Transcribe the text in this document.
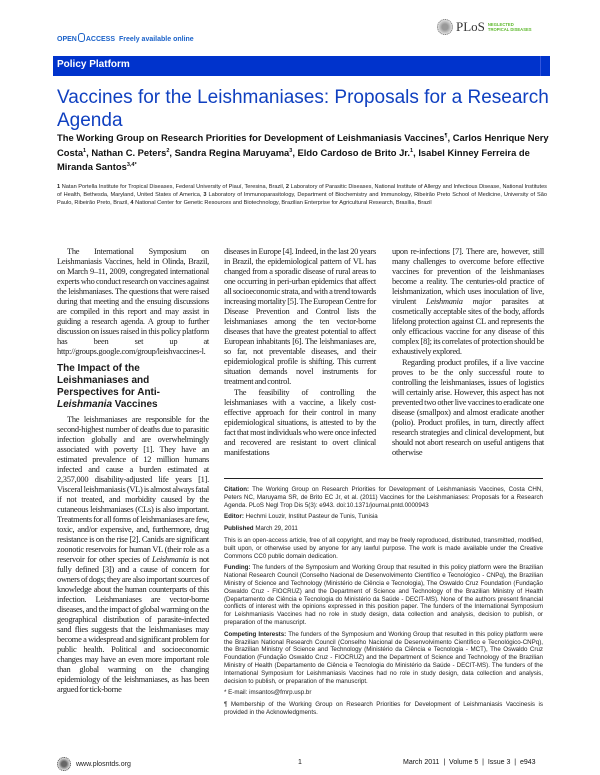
OPEN ACCESS Freely available online
PLoS NEGLECTED
TROPICAL DISEASES
Policy Platform
Vaccines for the Leishmaniases: Proposals for a Research Agenda
The Working Group on Research Priorities for Development of Leishmaniasis Vaccines¶, Carlos Henrique Nery Costa$^1$, Nathan C. Peters$^2$, Sandra Regina Maruyama$^3$, Eldo Cardoso de Brito Jr.$^1$, Isabel Kinney Ferreira de Miranda Santos$^{3,4*}$
1 Natan Portella Institute for Tropical Diseases, Federal University of Piauí, Teresina, Brazil, 2 Laboratory of Parasitic Diseases, National Institute of Allergy and Infectious Disease, National Institutes of Health, Bethesda, Maryland, United States of America, 3 Laboratory of Immunoparasitology, Department of Biochemistry and Immunology, Ribeirão Preto School of Medicine, University of São Paulo, Ribeirão Preto, Brazil, 4 National Center for Genetic Resources and Biotechnology, Brazilian Enterprise for Agricultural Research, Brasília, Brazil

The International Symposium on Leishmaniasis Vaccines, held in Olinda, Brazil, on March 9–11, 2009, congregated international experts who conduct research on vaccines against the leishmaniases. The questions that were raised during that meeting and the ensuing discussions are compiled in this report and may assist in guiding a research agenda. A group to further discussion on issues raised in this policy platform has been set up at http://groups.google.com/group/leishvaccines-l.

The Impact of the Leishmaniases and Perspectives for Anti-Leishmania Vaccines

The leishmaniases are responsible for the second-highest number of deaths due to parasitic infection globally and are overwhelmingly associated with poverty [1]. They have an estimated prevalence of 12 million humans infected and cause a burden estimated at 2,357,000 disability-adjusted life years [1]. Visceral leishmaniasis (VL) is almost always fatal if not treated, and morbidity caused by the cutaneous leishmaniases (CLs) is also important. Treatments for all forms of leishmaniases are few, toxic, and/or expensive, and, furthermore, drug resistance is on the rise [2]. Canids are significant zoonotic reservoirs for human VL (their role as a reservoir for other species of Leishmania is not fully defined [3]) and a cause of concern for owners of dogs; they are also important sources of knowledge about the human counterparts of this infection. Leishmaniases are vector-borne diseases, and the impact of global warming on the geographical distribution of parasite-infected sand flies suggests that the leishmaniases may become a widespread and significant problem for public health. Political and socioeconomic changes may have an even more important role than global warming on the changing epidemiology of the leishmaniases, as has been argued for tick-borne

diseases in Europe [4]. Indeed, in the last 20 years in Brazil, the epidemiological pattern of VL has changed from a sporadic disease of rural areas to one occurring in peri-urban epidemics that affect all socioeconomic strata, and with a trend towards increasing mortality [5]. The European Centre for Disease Prevention and Control lists the leishmaniases among the ten vector-borne diseases that have the greatest potential to affect European inhabitants [6]. The leishmaniases are, so far, not preventable diseases, and their epidemiological profile is shifting. This current situation demands novel instruments for treatment and control.

The feasibility of controlling the leishmaniases with a vaccine, a likely cost-effective approach for their control in many epidemiological situations, is attested to by the fact that most individuals who were once infected and recovered are resistant to overt clinical manifestations

upon re-infections [7]. There are, however, still many challenges to overcome before effective vaccines for prevention of the leishmaniases become a reality. The centuries-old practice of leishmanization, which uses inoculation of live, virulent Leishmania major parasites at cosmetically acceptable sites of the body, affords lifelong protection against CL and represents the only efficacious vaccine for any disease of this complex [8]; its correlates of protection should be exhaustively explored.

Regarding product profiles, if a live vaccine proves to be the only successful route to controlling the leishmaniases, issues of logistics will certainly arise. However, this aspect has not prevented two other live vaccines to eradicate one disease (smallpox) and almost eradicate another (polio). Product profiles, in turn, directly affect research strategies and clinical development, but should not abort research on useful antigens that otherwise

Citation: The Working Group on Research Priorities for Development of Leishmaniasis Vaccines, Costa CHN, Peters NC, Maruyama SR, de Brito EC Jr, et al. (2011) Vaccines for the Leishmaniases: Proposals for a Research Agenda. PLoS Negl Trop Dis 5(3): e943. doi:10.1371/journal.pntd.0000943

Editor: Hechmi Louzir, Institut Pasteur de Tunis, Tunisia

Published March 29, 2011

This is an open-access article, free of all copyright, and may be freely reproduced, distributed, transmitted, modified, built upon, or otherwise used by anyone for any lawful purpose. The work is made available under the Creative Commons CC0 public domain dedication.

Funding: The funders of the Symposium and Working Group that resulted in this policy platform were the Brazilian National Research Council (Conselho Nacional de Desenvolvimento Científico e Tecnológico - CNPq), the Brazilian Ministry of Science and Technology (Ministério de Ciência e Tecnologia), The Oswaldo Cruz Foundation (Fundação Oswaldo Cruz - FIOCRUZ) and the Department of Science and Technology of the Brazilian Ministry of Health (Departamento de Ciência e Tecnologia do Ministério da Saúde - DECIT-MS). None of the authors present financial conflicts of interest with the opinions expressed in this position paper. The funders of the International Symposium for Leishmaniasis Vaccines had no role in study design, data collection and analysis, decision to publish, or preparation of the manuscript.

Competing Interests: The funders of the Symposium and Working Group that resulted in this policy platform were the Brazilian National Research Council (Conselho Nacional de Desenvolvimento Científico e Tecnológico-CNPq), the Brazilian Ministry of Science and Technology (Ministério da Ciência e Tecnologia - MCT), The Oswaldo Cruz Foundation (Fundação Oswaldo Cruz - FIOCRUZ) and the Department of Science and Technology of the Brazilian Ministry of Health (Departamento de Ciência e Tecnologia do Ministério da Saúde - DECIT-MS). The funders of the International Symposium for Leishmaniasis Vaccines had no role in study design, data collection and analysis, decision to publish, or preparation of the manuscript.

* E-mail: imsantos@fmrp.usp.br

¶ Membership of the Working Group on Research Priorities for Development of Leishmaniasis Vaccinesis is provided in the Acknowledgments.

www.plosntds.org	1	March 2011  |  Volume 5  |  Issue 3  |  e943
